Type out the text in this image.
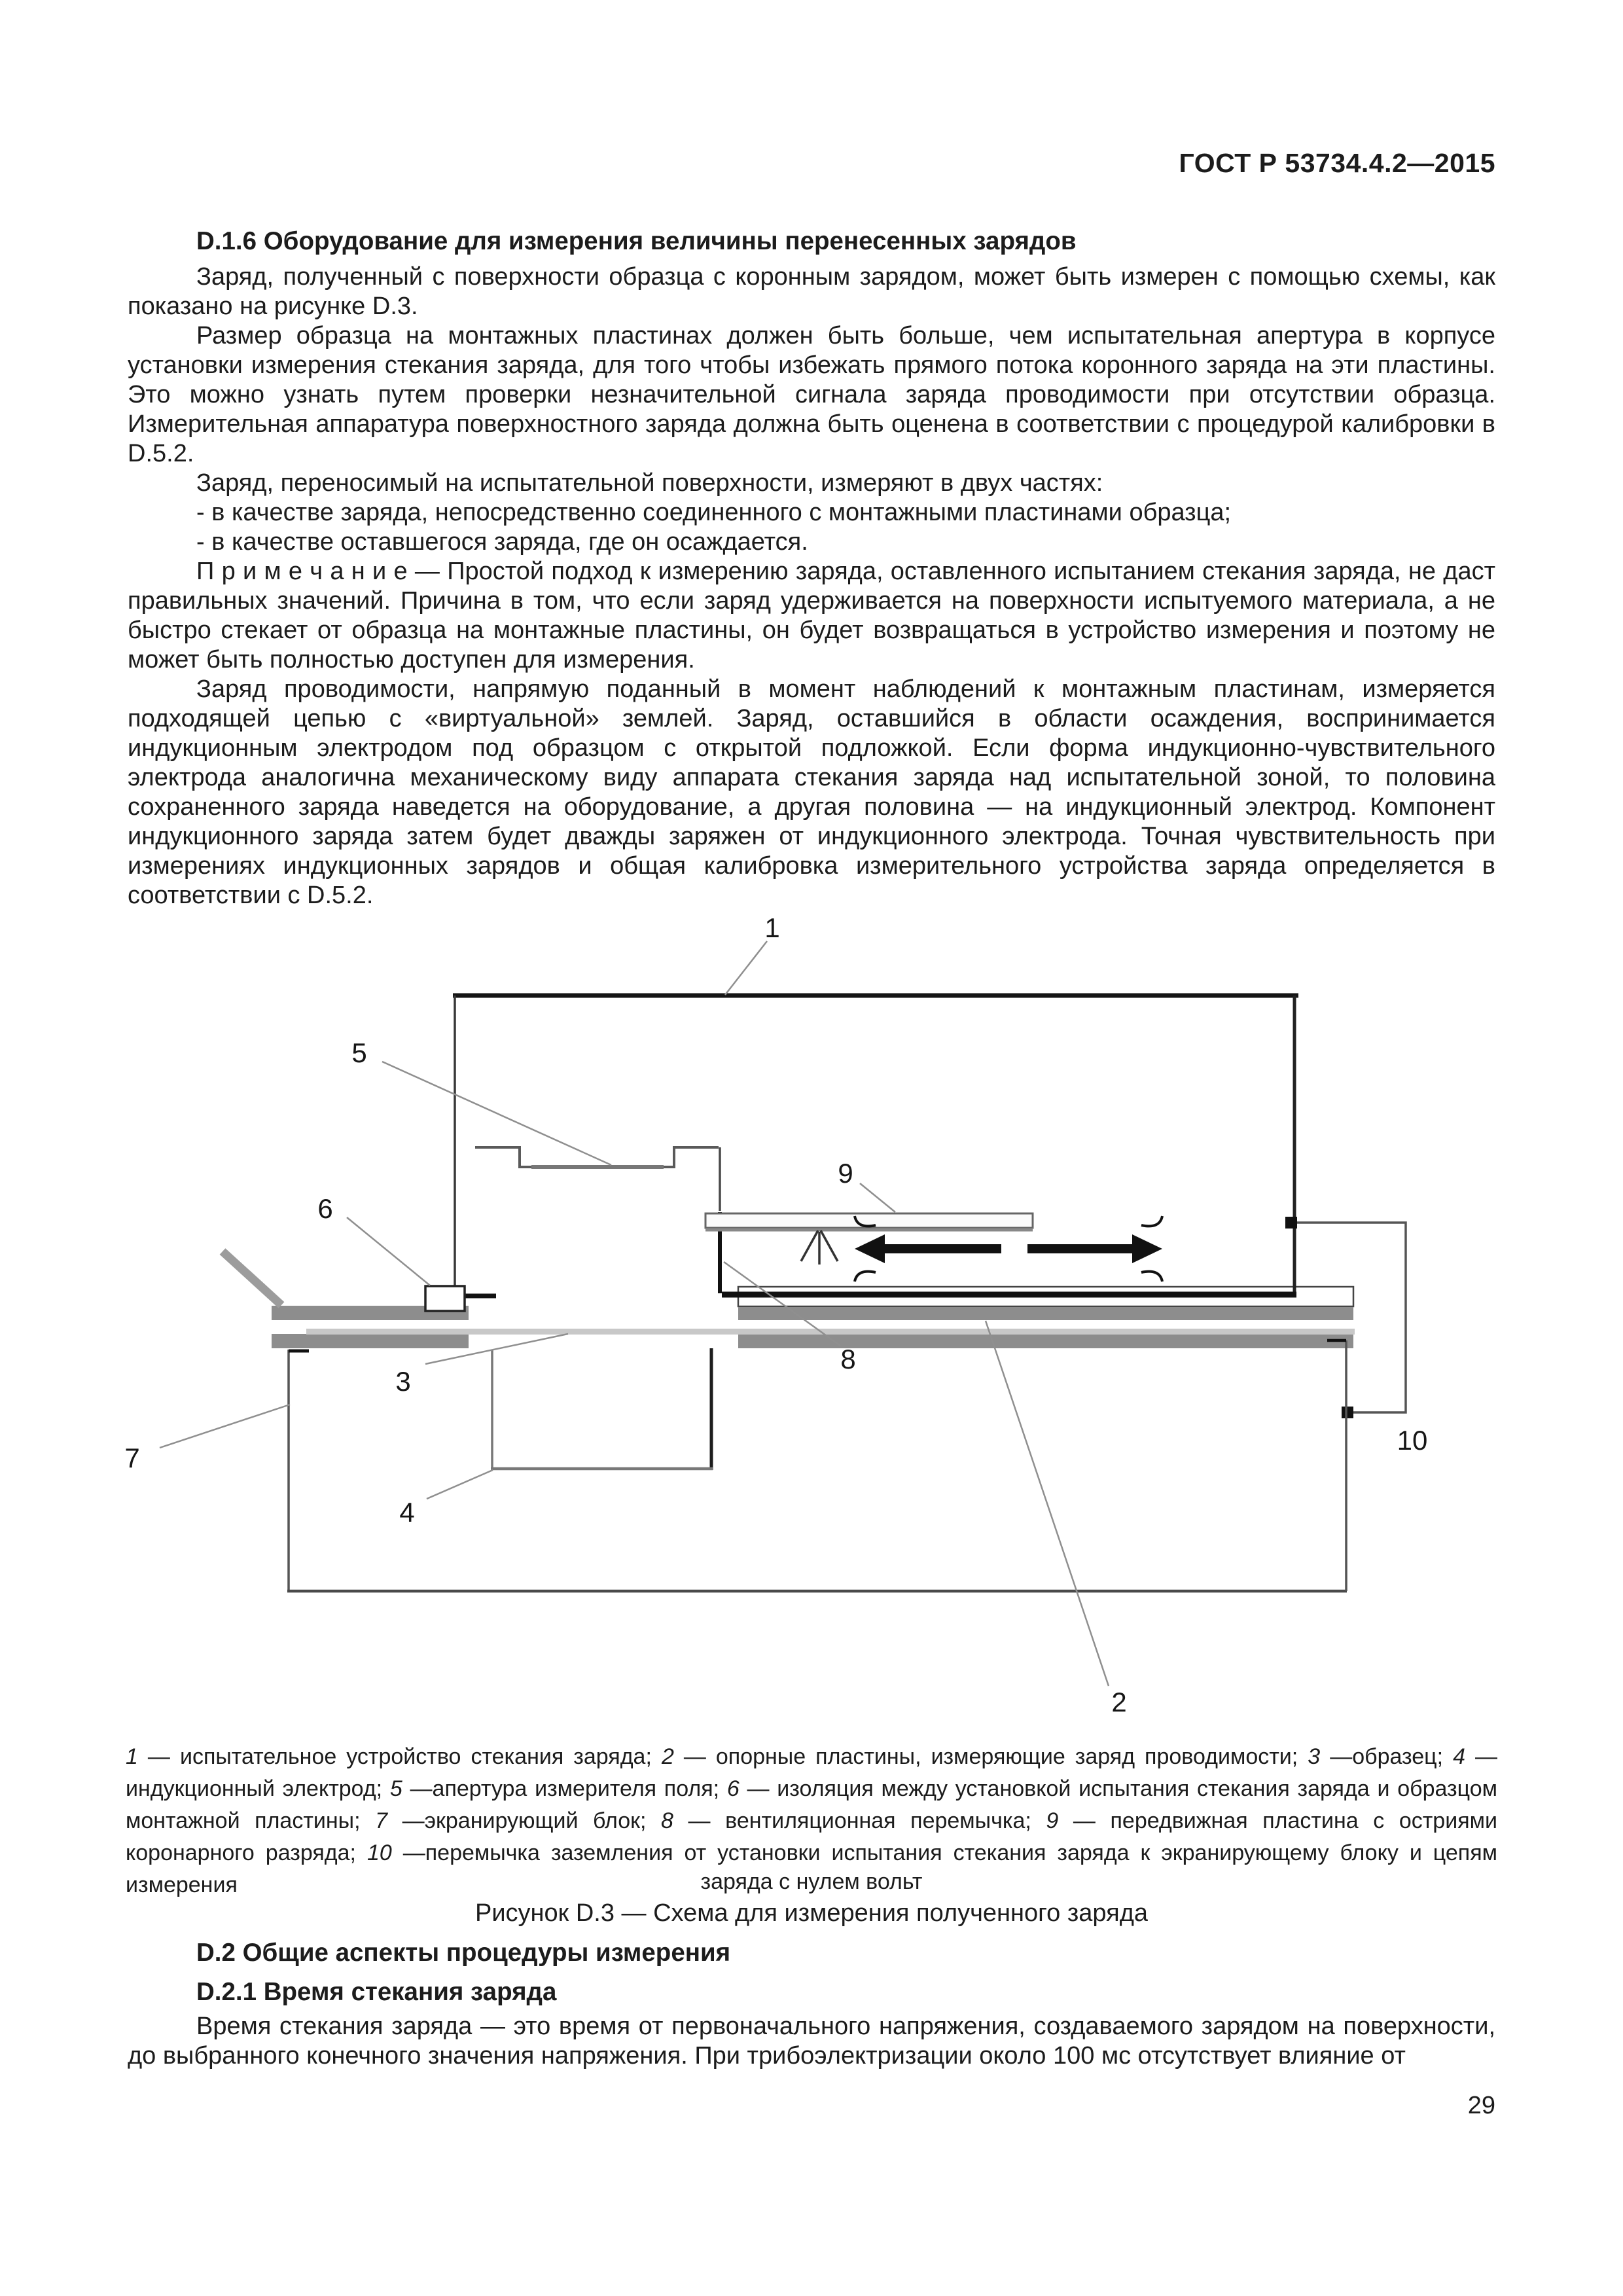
ГОСТ Р 53734.4.2—2015
D.1.6 Оборудование для измерения величины перенесенных зарядов

Заряд, полученный с поверхности образца с коронным зарядом, может быть измерен с помощью схемы, как показано на рисунке D.3.

Размер образца на монтажных пластинах должен быть больше, чем испытательная апертура в корпусе установки измерения стекания заряда, для того чтобы избежать прямого потока коронного заряда на эти пластины. Это можно узнать путем проверки незначительной сигнала заряда проводимости при отсутствии образца. Измерительная аппаратура поверхностного заряда должна быть оценена в соответствии с процедурой калибровки в D.5.2.

Заряд, переносимый на испытательной поверхности, измеряют в двух частях:

- в качестве заряда, непосредственно соединенного с монтажными пластинами образца;

- в качестве оставшегося заряда, где он осаждается.

П р и м е ч а н и е — Простой подход к измерению заряда, оставленного испытанием стекания заряда, не даст правильных значений. Причина в том, что если заряд удерживается на поверхности испытуемого материала, а не быстро стекает от образца на монтажные пластины, он будет возвращаться в устройство измерения и поэтому не может быть полностью доступен для измерения.

Заряд проводимости, напрямую поданный в момент наблюдений к монтажным пластинам, измеряется подходящей цепью с «виртуальной» землей. Заряд, оставшийся в области осаждения, воспринимается индукционным электродом под образцом с открытой подложкой. Если форма индукционно-чувствительного электрода аналогична механическому виду аппарата стекания заряда над испытательной зоной, то половина сохраненного заряда наведется на оборудование, а другая половина — на индукционный электрод. Компонент индукционного заряда затем будет дважды заряжен от индукционного электрода. Точная чувствительность при измерениях индукционных зарядов и общая калибровка измерительного устройства заряда определяется в соответствии с D.5.2.

1
5
6
7
3
4
8
9
2
10
1 — испытательное устройство стекания заряда; 2 — опорные пластины, измеряющие заряд проводимости; 3 —образец; 4 — индукционный электрод; 5 —апертура измерителя поля; 6 — изоляция между установкой испытания стекания заряда и образцом монтажной пластины; 7 —экранирующий блок; 8 — вентиляционная перемычка; 9 — передвижная пластина с остриями коронарного разряда; 10 —перемычка заземления от установки испытания стекания заряда к экранирующему блоку и цепям измерения	заряда с нулем вольт
Рисунок D.3 — Схема для измерения полученного заряда
D.2 Общие аспекты процедуры измерения
D.2.1 Время стекания заряда
Время стекания заряда — это время от первоначального напряжения, создаваемого зарядом на поверхности, до выбранного конечного значения напряжения. При трибоэлектризации около 100 мс отсутствует влияние от
29
